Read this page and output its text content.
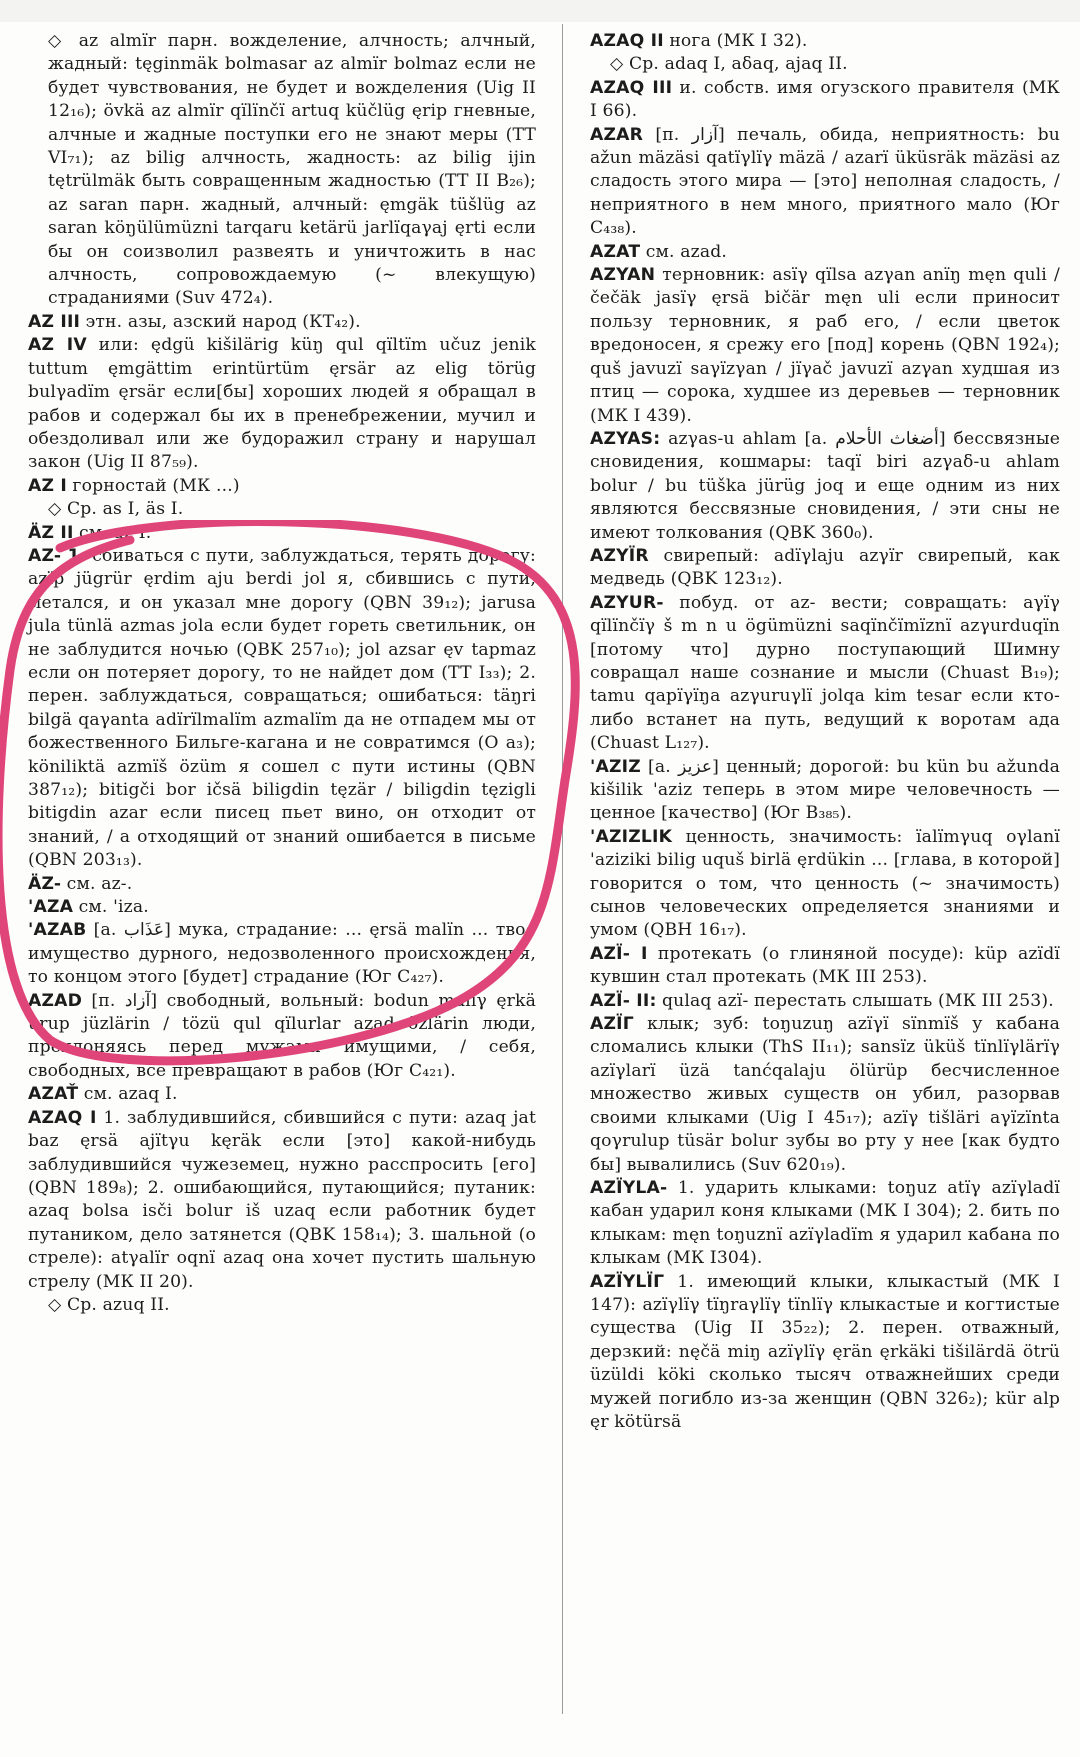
◇ az almïr парн. вожделение, алчность; алчный, жадный: tęginmäk bolmasar az almïr bolmaz если не будет чувствования, не будет и вожделения (Uig II 12₁₆); övkä az almïr qïlïnčï artuq küčlüg ęrip гневные, алчные и жадные поступки его не знают меры (TT VI₇₁); az bilig алчность, жадность: az bilig ijin tętrülmäk быть совращенным жадностью (TT II B₂₆); az saran парн. жадный, алчный: ęmgäk tüšlüg az saran köŋülümüzni tarqaru ketärü jarlïqaγaj ęrti если бы он соизволил развеять и уничтожить в нас алчность, сопровождаемую (~ влекущую) страданиями (Suv 472₄).

AZ III этн. азы, азский народ (КТ₄₂).

AZ IV или: ędgü kišilärig küŋ qul qïltïm učuz jenik tuttum ęmgättim erintürtüm ęrsär az elig törüg bulγadïm ęrsär если[бы] хороших людей я обращал в рабов и содержал бы их в пренебрежении, мучил и обездоливал или же будоражил страну и нарушал закон (Uig II 87₅₉).

AZ I горностай (МК ...)

◇ Ср. as I, äs I.

ÄZ II см. az I.

AZ- 1. сбиваться с пути, заблуждаться, терять дорогу: azïp jügrür ęrdim aju berdi jol я, сбившись с пути, метался, и он указал мне дорогу (QBN 39₁₂); jarusa jula tünlä azmas jola если будет гореть светильник, он не заблудится ночью (QBK 257₁₀); jol azsar ęv tapmaz если он потеряет дорогу, то не найдет дом (TT I₃₃); 2. перен. заблуждаться, совращаться; ошибаться: täŋri bilgä qaγanta adïrïlmalïm azmalïm да не отпадем мы от божественного Бильге-кагана и не совратимся (O a₃); köniliktä azmïš özüm я сошел с пути истины (QBN 387₁₂); bitigči bor ičsä biligdin tęzär / biligdin tęzigli bitigdin azar если писец пьет вино, он отходит от знаний, / а отходящий от знаний ошибается в письме (QBN 203₁₃).

ÄZ- см. az-.

'AZA см. 'iza.

'AZAB [а. عَذَاب] мука, страдание: ... ęrsä malïn ... твое имущество дурного, недозволенного происхождения, то концом этого [будет] страдание (Юг C₄₂₇).

AZAD [п. آزاد] свободный, вольный: bodun malïγ ęrkä urup jüzlärin / tözü qul qïlurlar azad özlärin люди, преклоняясь перед мужами имущими, / себя, свободных, все превращают в рабов (Юг C₄₂₁).

AZAŤ см. azaq I.

AZAQ I 1. заблудившийся, сбившийся с пути: azaq jat baz ęrsä ajïtγu kęräk если [это] какой-нибудь заблудившийся чужеземец, нужно расспросить [его] (QBN 189₈); 2. ошибающийся, путающийся; путаник: azaq bolsa isči bolur iš uzaq если работник будет путаником, дело затянется (QBK 158₁₄); 3. шальной (о стреле): atγalïr oqnï azaq она хочет пустить шальную стрелу (МК II 20).

◇ Ср. azuq II.

AZAQ II нога (МК I 32).

◇ Ср. adaq I, aδaq, ajaq II.

AZAQ III и. собств. имя огузского правителя (МК I 66).

AZAR [п. آزار] печаль, обида, неприятность: bu ažun mäzäsi qatïγlïγ mäzä / azarï üküsräk mäzäsi az сладость этого мира — [это] неполная сладость, / неприятного в нем много, приятного мало (Юг C₄₃₈).

AZAT см. azad.

AZYAN терновник: asïγ qïlsa azγan anïŋ męn quli / čečäk jasïγ ęrsä bičär męn uli если приносит пользу терновник, я раб его, / если цветок вредоносен, я срежу его [под] корень (QBN 192₄); quš javuzï saγïzγan / jïγač javuzï azγan худшая из птиц — сорока, худшее из деревьев — терновник (МК I 439).

AZYAS: azγas-u ahlam [а. أضغاث الأحلام] бессвязные сновидения, кошмары: taqï biri azγaδ-u ahlam bolur / bu tüška jürüg joq и еще одним из них являются бессвязные сновидения, / эти сны не имеют толкования (QBK 360₀).

AZYÏR свирепый: adïγlaju azγïr свирепый, как медведь (QBK 123₁₂).

AZYUR- побуд. от az- вести; совращать: aγïγ qïlïnčïγ š m n u ögümüzni saqïnčïmïznï azγurduqïn [потому что] дурно поступающий Шимну совращал наше сознание и мысли (Chuast B₁₉); tamu qapïγïŋa azγuruγlï jolqa kim tesar если кто-либо встанет на путь, ведущий к воротам ада (Chuast L₁₂₇).

'AZIZ [а. عزيز] ценный; дорогой: bu kün bu ažunda kišilik 'aziz теперь в этом мире человечность — ценное [качество] (Юг B₃₈₅).

'AZIZLIK ценность, значимость: ïalïmγuq oγlanï 'aziziki bilig uquš birlä ęrdükin ... [глава, в которой] говорится о том, что ценность (~ значимость) сынов человеческих определяется знаниями и умом (QBH 16₁₇).

AZÏ- I протекать (о глиняной посуде): küp azïdï кувшин стал протекать (МК III 253).

AZÏ- II: qulaq azï- перестать слышать (МК III 253).

AZÏΓ клык; зуб: toŋuzuŋ azïγï sïnmïš у кабана сломались клыки (ThS II₁₁); sansïz üküš tïnlïγlärïγ azïγlarï üzä tanćqalaju ölürüp бесчисленное множество живых существ он убил, разорвав своими клыками (Uig I 45₁₇); azïγ tišläri aγïzïnta qoγrulup tüsär bolur зубы во рту у нее [как будто бы] вывалились (Suv 620₁₉).

AZÏYLA- 1. ударить клыками: toŋuz atïγ azïγladï кабан ударил коня клыками (МК I 304); 2. бить по клыкам: męn toŋuznï azïγladïm я ударил кабана по клыкам (МК I304).

AZÏYLÏΓ 1. имеющий клыки, клыкастый (МК I 147): azïγlïγ tïŋraγlïγ tïnlïγ клыкастые и когтистые существа (Uig II 35₂₂); 2. перен. отважный, дерзкий: nęčä miŋ azïγlïγ ęrän ęrkäki tišilärdä ötrü üzüldi köki сколько тысяч отважнейших среди мужей погибло из-за женщин (QBN 326₂); kür alp ęr kötürsä
